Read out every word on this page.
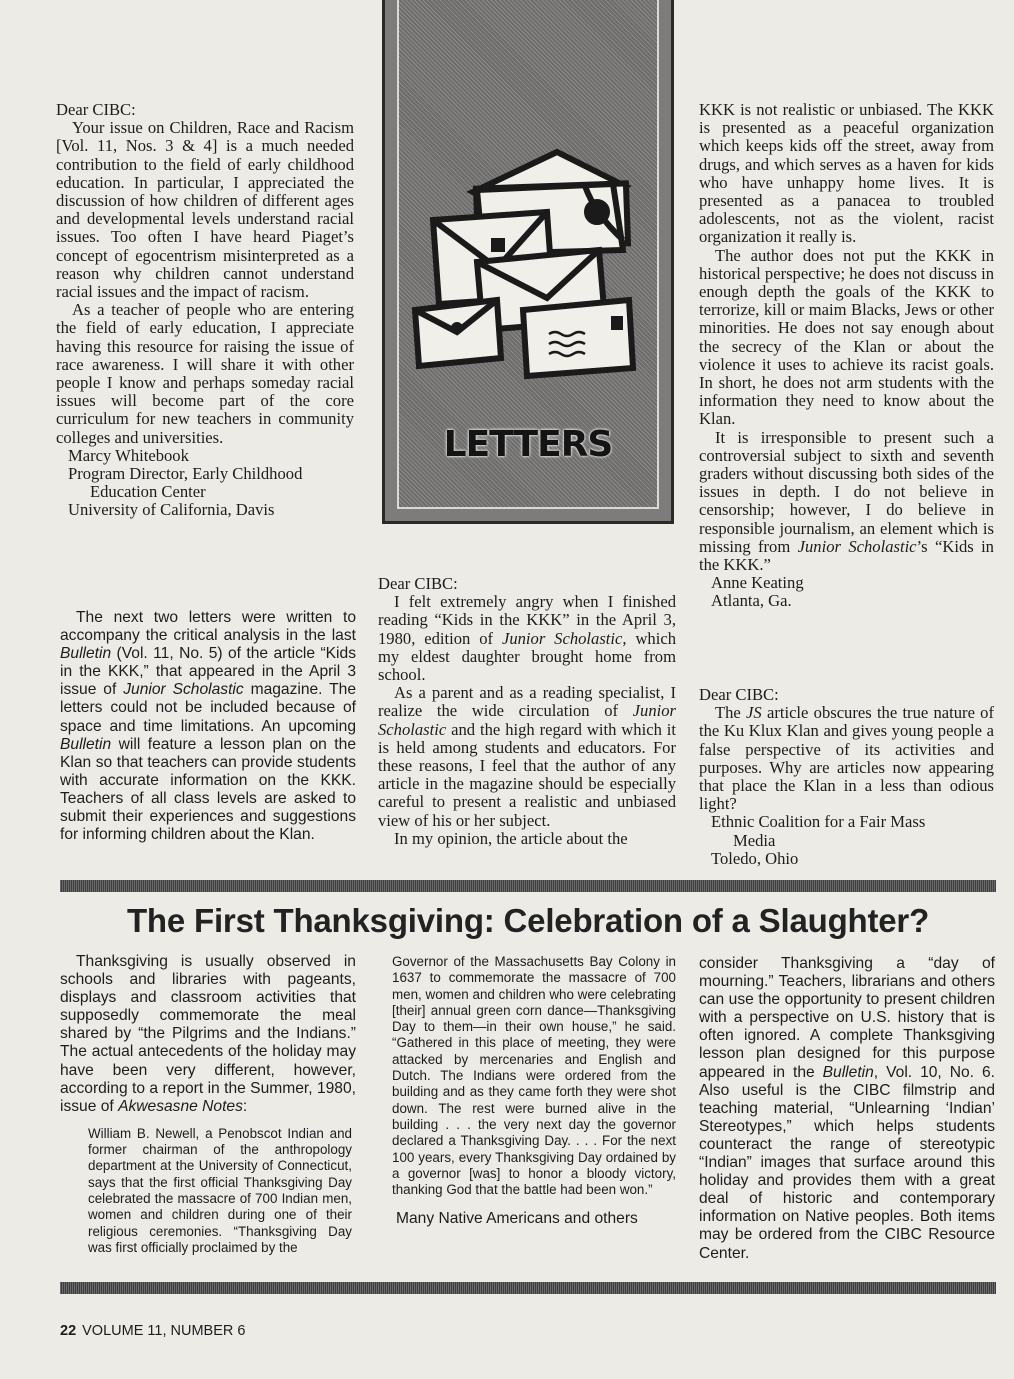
Dear CIBC:

Your issue on Children, Race and Racism [Vol. 11, Nos. 3 & 4] is a much needed contribution to the field of early childhood education. In particular, I appreciated the discussion of how children of different ages and developmental levels understand racial issues. Too often I have heard Piaget’s concept of egocentrism misinterpreted as a reason why children cannot understand racial issues and the impact of racism.

As a teacher of people who are entering the field of early education, I appreciate having this resource for raising the issue of race awareness. I will share it with other people I know and perhaps someday racial issues will become part of the core curriculum for new teachers in community colleges and universities.

Marcy Whitebook

Program Director, Early Childhood

Education Center

University of California, Davis

The next two letters were written to accompany the critical analysis in the last Bulletin (Vol. 11, No. 5) of the article “Kids in the KKK,” that appeared in the April 3 issue of Junior Scholastic magazine. The letters could not be included because of space and time limitations. An upcoming Bulletin will feature a lesson plan on the Klan so that teachers can provide students with accurate information on the KKK. Teachers of all class levels are asked to submit their experiences and suggestions for informing children about the Klan.
LETTERS

Dear CIBC:

I felt extremely angry when I finished reading “Kids in the KKK” in the April 3, 1980, edition of Junior Scholastic, which my eldest daughter brought home from school.

As a parent and as a reading specialist, I realize the wide circulation of Junior Scholastic and the high regard with which it is held among students and educators. For these reasons, I feel that the author of any article in the magazine should be especially careful to present a realistic and unbiased view of his or her subject.

In my opinion, the article about the

KKK is not realistic or unbiased. The KKK is presented as a peaceful organization which keeps kids off the street, away from drugs, and which serves as a haven for kids who have unhappy home lives. It is presented as a panacea to troubled adolescents, not as the violent, racist organization it really is.

The author does not put the KKK in historical perspective; he does not discuss in enough depth the goals of the KKK to terrorize, kill or maim Blacks, Jews or other minorities. He does not say enough about the secrecy of the Klan or about the violence it uses to achieve its racist goals. In short, he does not arm students with the information they need to know about the Klan.

It is irresponsible to present such a controversial subject to sixth and seventh graders without discussing both sides of the issues in depth. I do not believe in censorship; however, I do believe in responsible journalism, an element which is missing from Junior Scholastic’s “Kids in the KKK.”

Anne Keating

Atlanta, Ga.

Dear CIBC:

The JS article obscures the true nature of the Ku Klux Klan and gives young people a false perspective of its activities and purposes. Why are articles now appearing that place the Klan in a less than odious light?

Ethnic Coalition for a Fair Mass

Media

Toledo, Ohio

The First Thanksgiving: Celebration of a Slaughter?

Thanksgiving is usually observed in schools and libraries with pageants, displays and classroom activities that supposedly commemorate the meal shared by “the Pilgrims and the Indians.” The actual antecedents of the holiday may have been very different, however, according to a report in the Summer, 1980, issue of Akwesasne Notes:

William B. Newell, a Penobscot Indian and former chairman of the anthropology department at the University of Connecticut, says that the first official Thanksgiving Day celebrated the massacre of 700 Indian men, women and children during one of their religious ceremonies. “Thanksgiving Day was first officially proclaimed by the

Governor of the Massachusetts Bay Colony in 1637 to commemorate the massacre of 700 men, women and children who were celebrating [their] annual green corn dance—Thanksgiving Day to them—in their own house,” he said. “Gathered in this place of meeting, they were attacked by mercenaries and English and Dutch. The Indians were ordered from the building and as they came forth they were shot down. The rest were burned alive in the building . . . the very next day the governor declared a Thanksgiving Day. . . . For the next 100 years, every Thanksgiving Day ordained by a governor [was] to honor a bloody victory, thanking God that the battle had been won.”

Many Native Americans and others

consider Thanksgiving a “day of mourning.” Teachers, librarians and others can use the opportunity to present children with a perspective on U.S. history that is often ignored. A complete Thanksgiving lesson plan designed for this purpose appeared in the Bulletin, Vol. 10, No. 6. Also useful is the CIBC filmstrip and teaching material, “Unlearning ‘Indian’ Stereotypes,” which helps students counteract the range of stereotypic “Indian” images that surface around this holiday and provides them with a great deal of historic and contemporary information on Native peoples. Both items may be ordered from the CIBC Resource Center.
22 VOLUME 11, NUMBER 6
